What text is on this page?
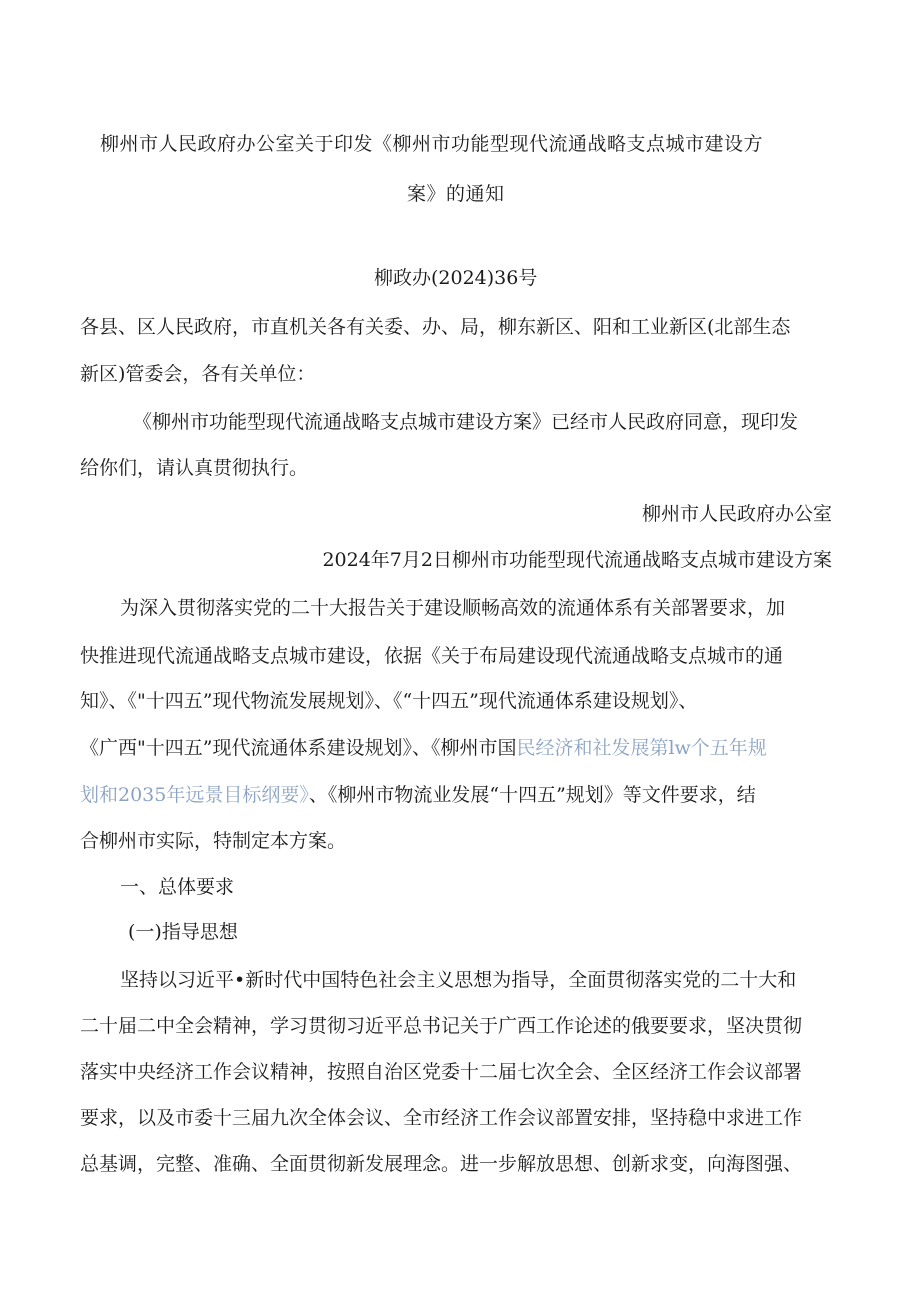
柳州市人民政府办公室关于印发《柳州市功能型现代流通战略支点城市建设方

案》的通知

柳政办(2024)36号

各县、区人民政府，市直机关各有关委、办、局，柳东新区、阳和工业新区(北部生态

新区)管委会，各有关单位：

《柳州市功能型现代流通战略支点城市建设方案》已经市人民政府同意，现印发

给你们，请认真贯彻执行。

柳州市人民政府办公室

2024年7月2日柳州市功能型现代流通战略支点城市建设方案

为深入贯彻落实党的二十大报告关于建设顺畅高效的流通体系有关部署要求，加

快推进现代流通战略支点城市建设，依据《关于布局建设现代流通战略支点城市的通

知》、《"十四五”现代物流发展规划》、《“十四五”现代流通体系建设规划》、

《广西"十四五”现代流通体系建设规划》、《柳州市国民经济和社发展第lw个五年规

划和2035年远景目标纲要》、《柳州市物流业发展“十四五”规划》等文件要求，结

合柳州市实际，特制定本方案。

一、总体要求

(一)指导思想

坚持以习近平•新时代中国特色社会主义思想为指导，全面贯彻落实党的二十大和

二十届二中全会精神，学习贯彻习近平总书记关于广西工作论述的俄要要求，坚决贯彻

落实中央经济工作会议精神，按照自治区党委十二届七次全会、全区经济工作会议部署

要求，以及市委十三届九次全体会议、全市经济工作会议部置安排，坚持稳中求进工作

总基调，完整、准确、全面贯彻新发展理念。进一步解放思想、创新求变，向海图强、
